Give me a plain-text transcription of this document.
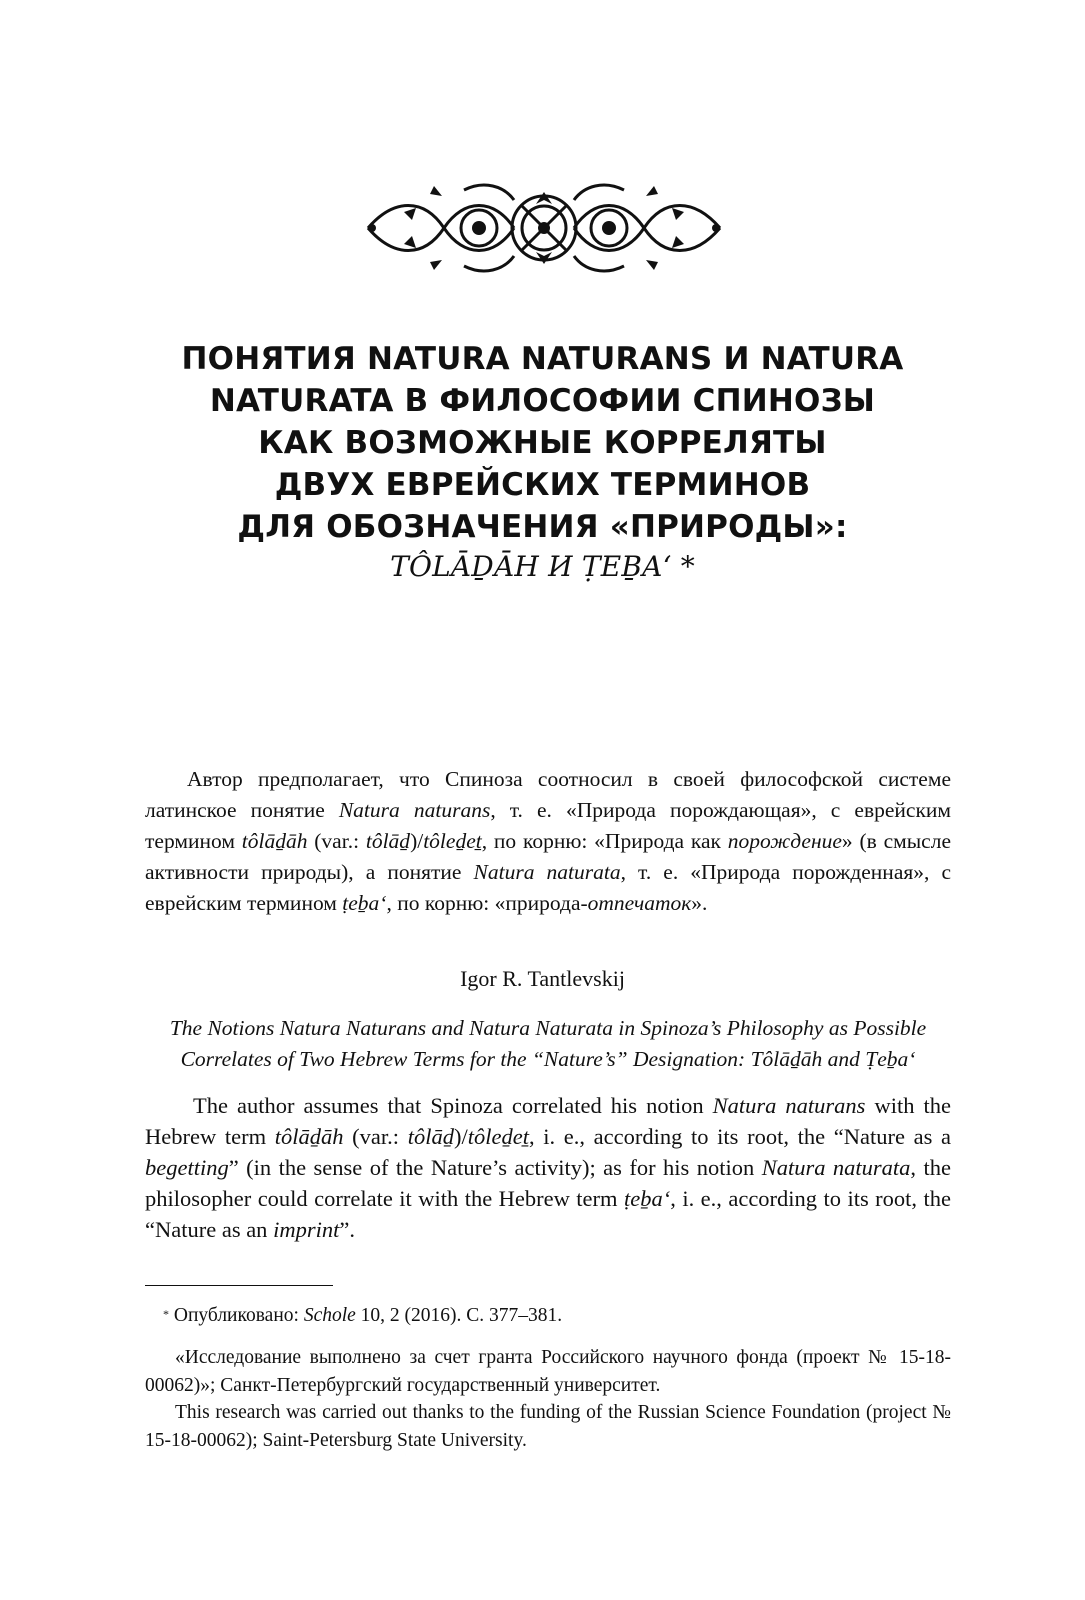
ПОНЯТИЯ NATURA NATURANS И NATURA
NATURATA В ФИЛОСОФИИ СПИНОЗЫ
КАК ВОЗМОЖНЫЕ КОРРЕЛЯТЫ
ДВУХ ЕВРЕЙСКИХ ТЕРМИНОВ
ДЛЯ ОБОЗНАЧЕНИЯ «ПРИРОДЫ»:
TÔLĀḎĀH И ṬEḆA‘ *

Автор предполагает, что Спиноза соотносил в своей философской системе латинское понятие Natura naturans, т. е. «Природа порождающая», с еврейским термином tôlāḏāh (var.: tôlāḏ)/tôleḏeṯ, по корню: «Природа как порождение» (в смысле активности природы), а понятие Natura naturata, т. е. «Природа порожденная», с еврейским термином ṭeḇa‘, по корню: «природа-отпечаток».

Igor R. Tantlevskij

The Notions Natura Naturans and Natura Naturata in Spinoza’s Philosophy as Possible Correlates of Two Hebrew Terms for the “Nature’s” Designation: Tôlāḏāh and Ṭeḇa‘

The author assumes that Spinoza correlated his notion Natura naturans with the Hebrew term tôlāḏāh (var.: tôlāḏ)/tôleḏeṯ, i. e., according to its root, the “Nature as a begetting” (in the sense of the Nature’s activity); as for his notion Natura naturata, the philosopher could correlate it with the Hebrew term ṭeḇa‘, i. e., according to its root, the “Nature as an imprint”.

* Опубликовано: Schole 10, 2 (2016). С. 377–381.

«Исследование выполнено за счет гранта Российского научного фонда (проект № 15-18-00062)»; Санкт-Петербургский государственный университет.

This research was carried out thanks to the funding of the Russian Science Foundation (project № 15-18-00062); Saint-Petersburg State University.
